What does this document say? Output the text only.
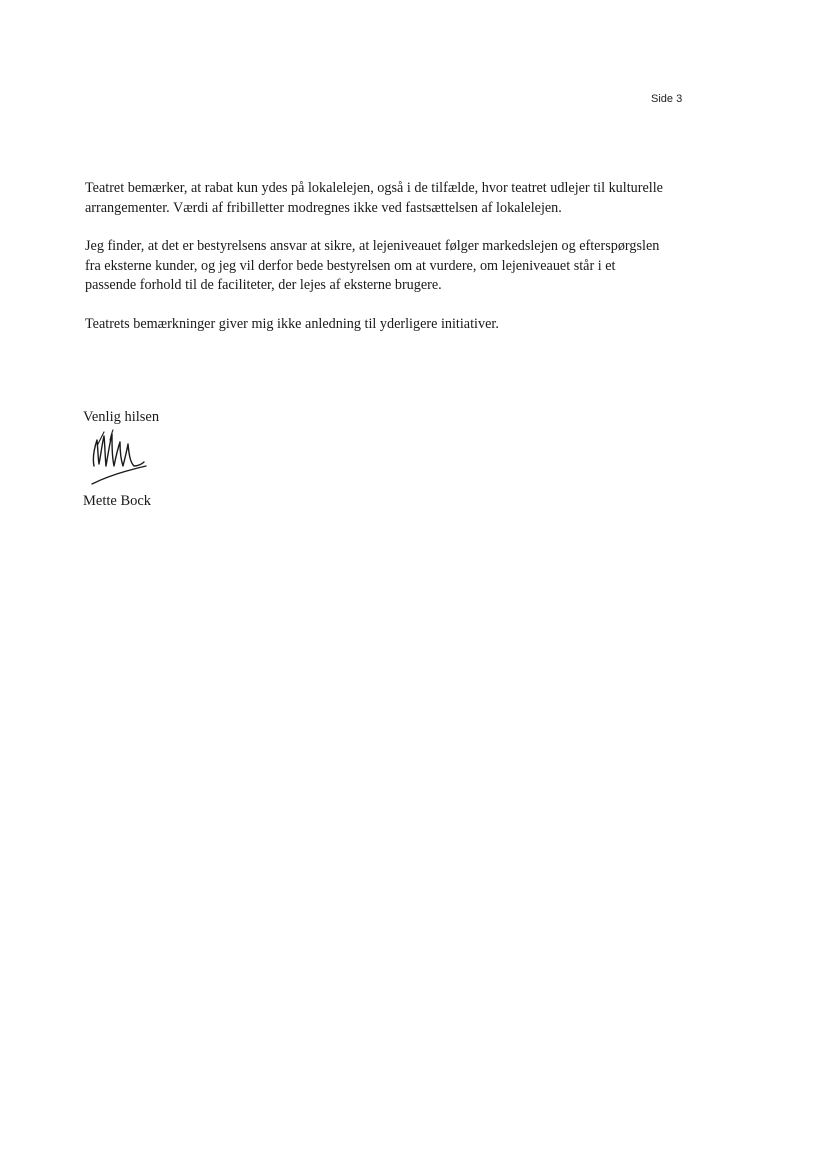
Side 3

Teatret bemærker, at rabat kun ydes på lokalelejen, også i de tilfælde, hvor teatret udlejer til kulturelle arrangementer. Værdi af fribilletter modregnes ikke ved fastsættelsen af lokalelejen.

Jeg finder, at det er bestyrelsens ansvar at sikre, at lejeniveauet følger markedslejen og efterspørgslen fra eksterne kunder, og jeg vil derfor bede bestyrelsen om at vurdere, om lejeniveauet står i et passende forhold til de faciliteter, der lejes af eksterne brugere.

Teatrets bemærkninger giver mig ikke anledning til yderligere initiativer.

Venlig hilsen
Mette Bock
